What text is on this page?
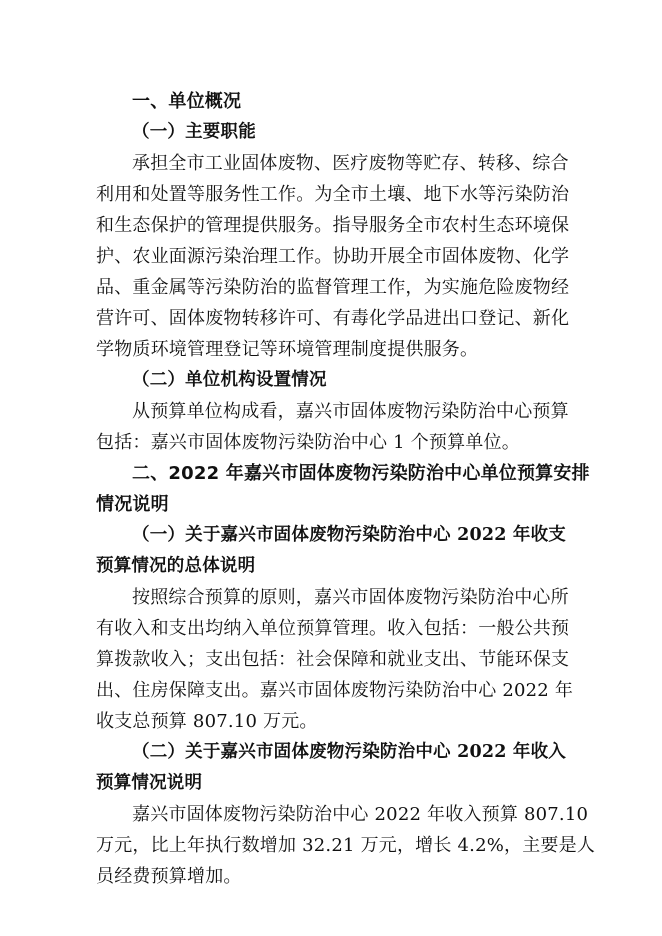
一、单位概况
（一）主要职能
承担全市工业固体废物、医疗废物等贮存、转移、综合
利用和处置等服务性工作。为全市土壤、地下水等污染防治
和生态保护的管理提供服务。指导服务全市农村生态环境保
护、农业面源污染治理工作。协助开展全市固体废物、化学
品、重金属等污染防治的监督管理工作，为实施危险废物经
营许可、固体废物转移许可、有毒化学品进出口登记、新化
学物质环境管理登记等环境管理制度提供服务。
（二）单位机构设置情况
从预算单位构成看，嘉兴市固体废物污染防治中心预算
包括：嘉兴市固体废物污染防治中心 1 个预算单位。
二、2022 年嘉兴市固体废物污染防治中心单位预算安排
情况说明
（一）关于嘉兴市固体废物污染防治中心 2022 年收支
预算情况的总体说明
按照综合预算的原则，嘉兴市固体废物污染防治中心所
有收入和支出均纳入单位预算管理。收入包括：一般公共预
算拨款收入；支出包括：社会保障和就业支出、节能环保支
出、住房保障支出。嘉兴市固体废物污染防治中心 2022 年
收支总预算 807.10 万元。
（二）关于嘉兴市固体废物污染防治中心 2022 年收入
预算情况说明
嘉兴市固体废物污染防治中心 2022 年收入预算 807.10
万元，比上年执行数增加 32.21 万元，增长 4.2%，主要是人
员经费预算增加。
